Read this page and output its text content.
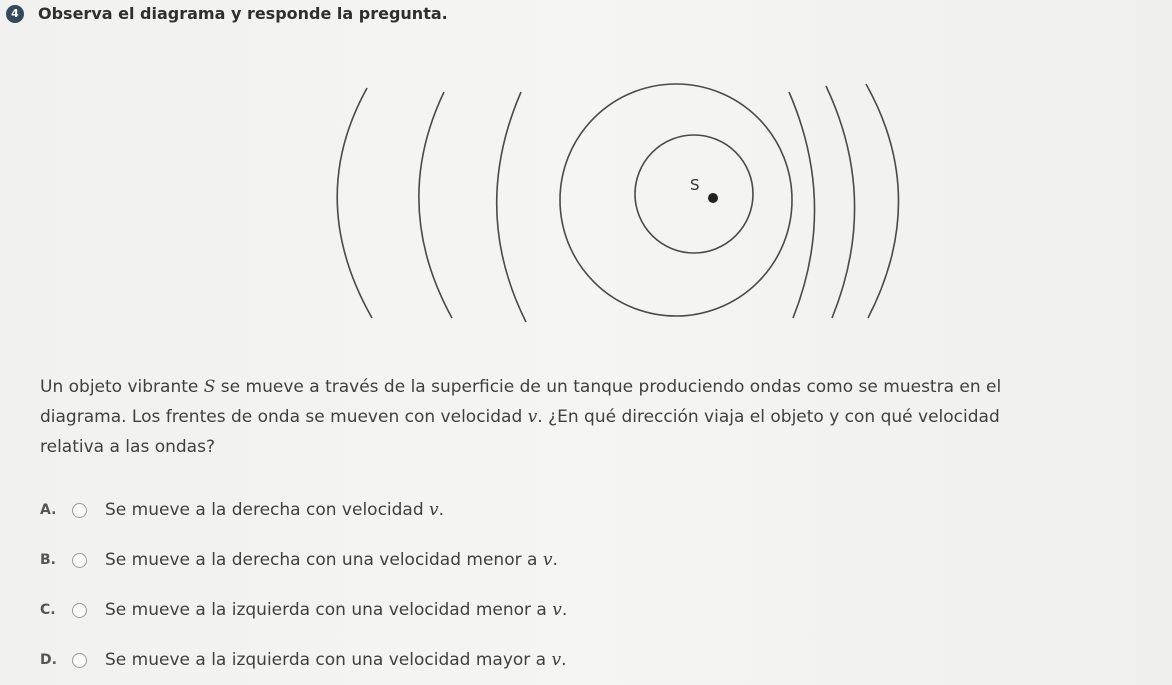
4	Observa el diagrama y responde la pregunta.
S
Un objeto vibrante S se mueve a través de la superficie de un tanque produciendo ondas como se muestra en el
diagrama. Los frentes de onda se mueven con velocidad v. ¿En qué dirección viaja el objeto y con qué velocidad
relativa a las ondas?
A.	Se mueve a la derecha con velocidad v.
B.	Se mueve a la derecha con una velocidad menor a v.
C.	Se mueve a la izquierda con una velocidad menor a v.
D.	Se mueve a la izquierda con una velocidad mayor a v.
